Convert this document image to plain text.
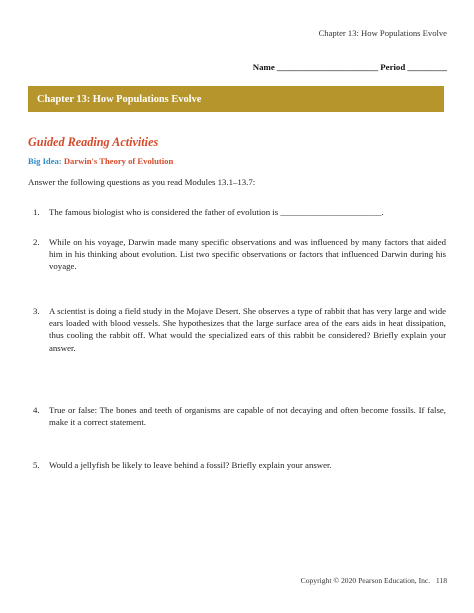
Chapter 13: How Populations Evolve
Name _______________________ Period _________
Chapter 13: How Populations Evolve
Guided Reading Activities
Big Idea: Darwin's Theory of Evolution
Answer the following questions as you read Modules 13.1–13.7:
1.	The famous biologist who is considered the father of evolution is _______________________.
2.	While on his voyage, Darwin made many specific observations and was influenced by many factors that aided him in his thinking about evolution. List two specific observations or factors that influenced Darwin during his voyage.
3.	A scientist is doing a field study in the Mojave Desert. She observes a type of rabbit that has very large and wide ears loaded with blood vessels. She hypothesizes that the large surface area of the ears aids in heat dissipation, thus cooling the rabbit off. What would the specialized ears of this rabbit be considered? Briefly explain your answer.
4.	True or false: The bones and teeth of organisms are capable of not decaying and often become fossils. If false, make it a correct statement.
5.	Would a jellyfish be likely to leave behind a fossil? Briefly explain your answer.
Copyright © 2020 Pearson Education, Inc.   118
